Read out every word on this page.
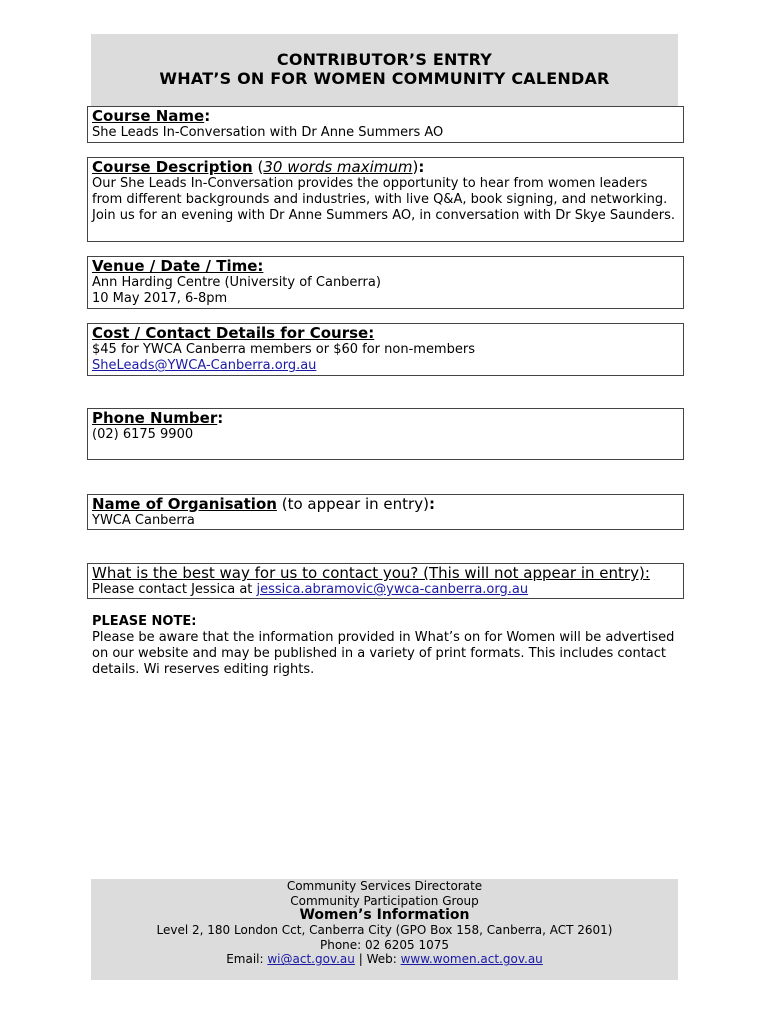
CONTRIBUTOR’S ENTRY
WHAT’S ON FOR WOMEN COMMUNITY CALENDAR
Course Name:
She Leads In-Conversation with Dr Anne Summers AO
Course Description (30 words maximum):
Our She Leads In-Conversation provides the opportunity to hear from women leaders from different backgrounds and industries, with live Q&A, book signing, and networking. Join us for an evening with Dr Anne Summers AO, in conversation with Dr Skye Saunders.
Venue / Date / Time:
Ann Harding Centre (University of Canberra)
10 May 2017, 6-8pm
Cost / Contact Details for Course:
$45 for YWCA Canberra members or $60 for non-members
SheLeads@YWCA-Canberra.org.au
Phone Number:
(02) 6175 9900
Name of Organisation (to appear in entry):
YWCA Canberra
What is the best way for us to contact you? (This will not appear in entry):
Please contact Jessica at jessica.abramovic@ywca-canberra.org.au
PLEASE NOTE:
Please be aware that the information provided in What’s on for Women will be advertised on our website and may be published in a variety of print formats. This includes contact details. Wi reserves editing rights.
Community Services Directorate
Community Participation Group
Women’s Information
Level 2, 180 London Cct, Canberra City (GPO Box 158, Canberra, ACT 2601)
Phone: 02 6205 1075
Email: wi@act.gov.au | Web: www.women.act.gov.au
